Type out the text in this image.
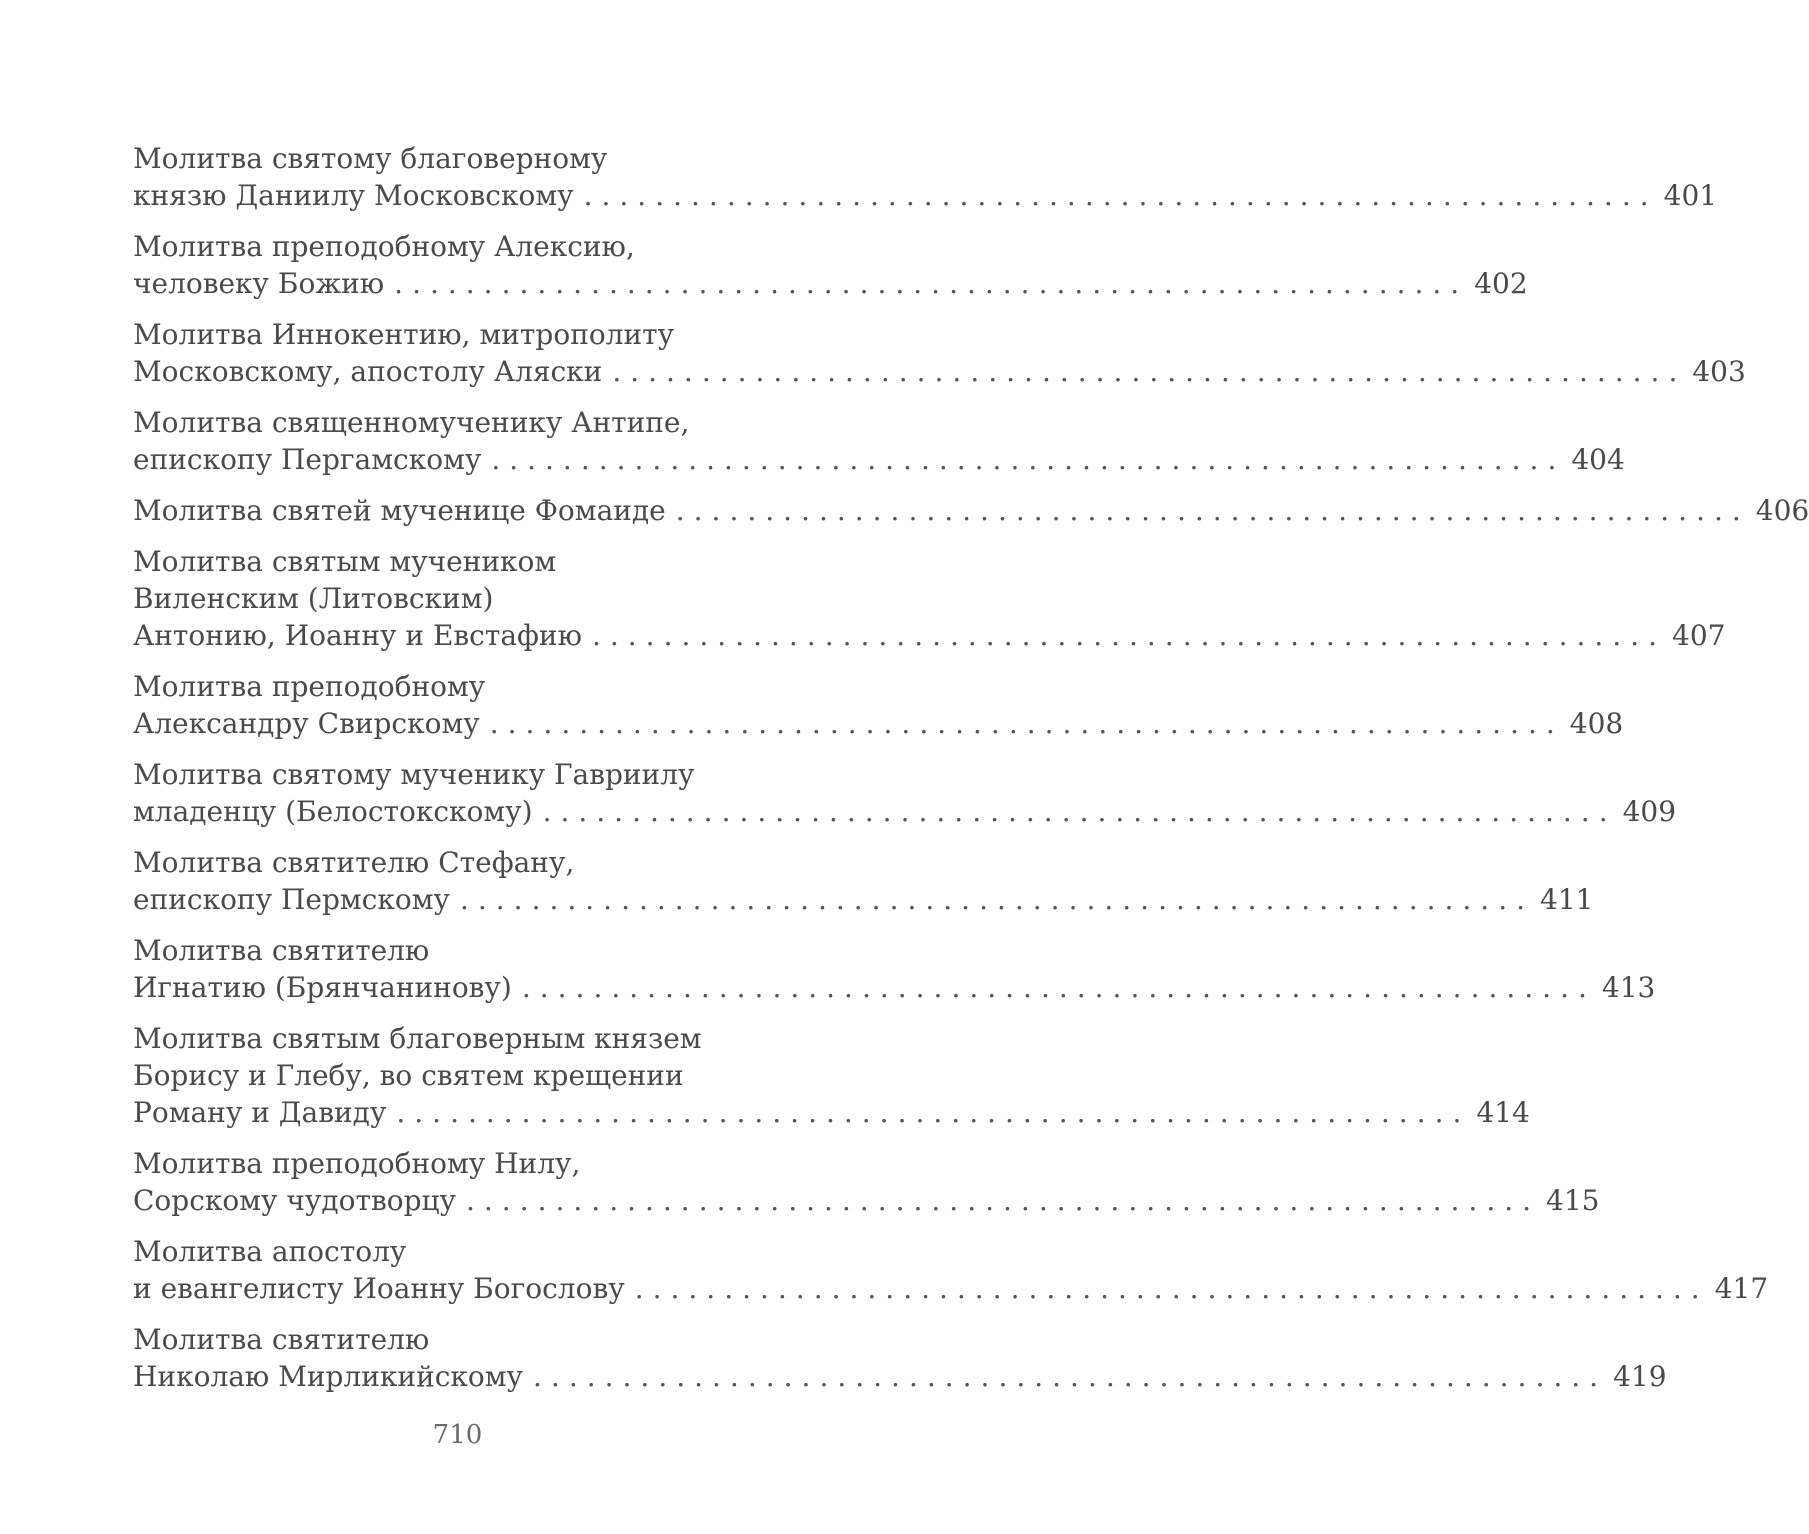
Молитва святому благоверному
князю Даниилу Московскому ............................................................ 401
Молитва преподобному Алексию,
человеку Божию ............................................................ 402
Молитва Иннокентию, митрополиту
Московскому, апостолу Аляски ............................................................ 403
Молитва священномученику Антипе,
епископу Пергамскому ............................................................ 404
Молитва святей мученице Фомаиде ............................................................ 406
Молитва святым мученикoм
Виленским (Литовским)
Антонию, Иоанну и Евстафию ............................................................ 407
Молитва преподобному
Александру Свирскому ............................................................ 408
Молитва святому мученику Гавриилу
младенцу (Белостокскому) ............................................................ 409
Молитва святителю Стефану,
епископу Пермскому ............................................................ 411
Молитва святителю
Игнатию (Брянчанинову) ............................................................ 413
Молитва святым благоверным князем
Борису и Глебу, во святем крещении
Роману и Давиду ............................................................ 414
Молитва преподобному Нилу,
Сорскому чудотворцу ............................................................ 415
Молитва апостолу
и евангелисту Иоанну Богослову ............................................................ 417
Молитва святителю
Николаю Мирликийскому ............................................................ 419
710
